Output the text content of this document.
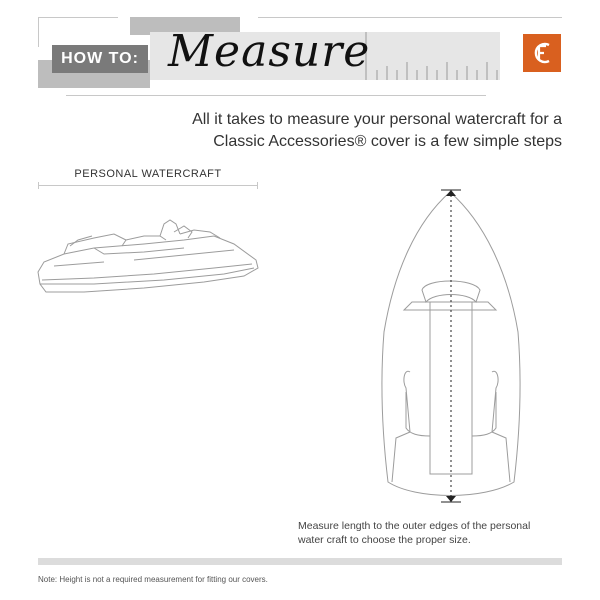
HOW TO: Measure
All it takes to measure your personal watercraft for a
Classic Accessories® cover is a few simple steps
PERSONAL WATERCRAFT
Measure length to the outer edges of the personal
water craft to choose the proper size.
Note: Height is not a required measurement for fitting our covers.
